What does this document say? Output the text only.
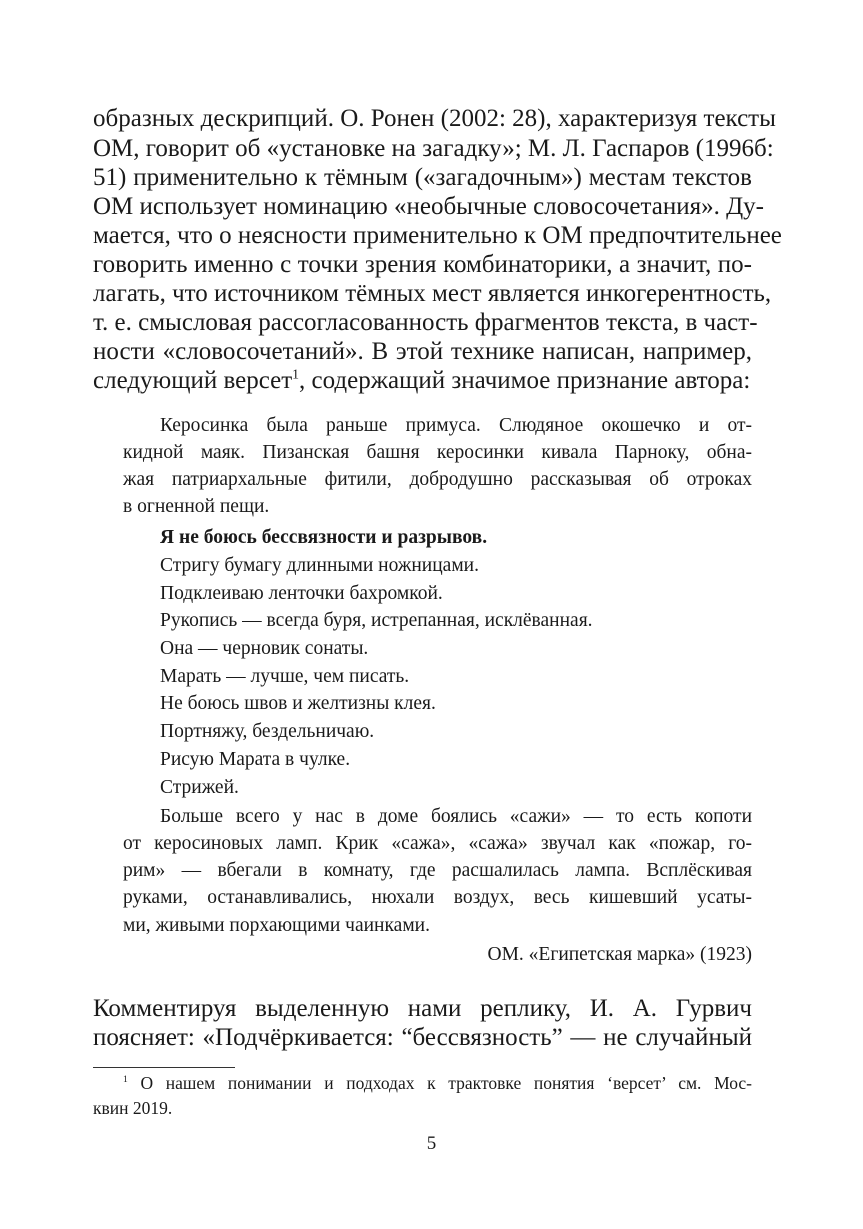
образных дескрипций. О. Ронен (2002: 28), характеризуя тексты
ОМ, говорит об «установке на загадку»; М. Л. Гаспаров (1996б:
51) применительно к тёмным («загадочным») местам текстов
ОМ использует номинацию «необычные словосочетания». Ду-
мается, что о неясности применительно к ОМ предпочтительнее
говорить именно с точки зрения комбинаторики, а значит, по-
лагать, что источником тёмных мест является инкогерентность,
т. е. смысловая рассогласованность фрагментов текста, в част-
ности «словосочетаний». В этой технике написан, например,
следующий версет$^1$, содержащий значимое признание автора:
Керосинка была раньше примуса. Слюдяное окошечко и от-
кидной маяк. Пизанская башня керосинки кивала Парноку, обна-
жая патриархальные фитили, добродушно рассказывая об отроках
в огненной пещи.
Я не боюсь бессвязности и разрывов.
Стригу бумагу длинными ножницами.
Подклеиваю ленточки бахромкой.
Рукопись — всегда буря, истрепанная, исклёванная.
Она — черновик сонаты.
Марать — лучше, чем писать.
Не боюсь швов и желтизны клея.
Портняжу, бездельничаю.
Рисую Марата в чулке.
Стрижей.
Больше всего у нас в доме боялись «сажи» — то есть копоти
от керосиновых ламп. Крик «сажа», «сажа» звучал как «пожар, го-
рим» — вбегали в комнату, где расшалилась лампа. Всплёскивая
руками, останавливались, нюхали воздух, весь кишевший усаты-
ми, живыми порхающими чаинками.
ОМ. «Египетская марка» (1923)
Комментируя выделенную нами реплику, И. А. Гурвич
поясняет: «Подчёркивается: “бессвязность” — не случайный
$^1$ О нашем понимании и подходах к трактовке понятия ‘версет’ см. Мос-
квин 2019.
5
